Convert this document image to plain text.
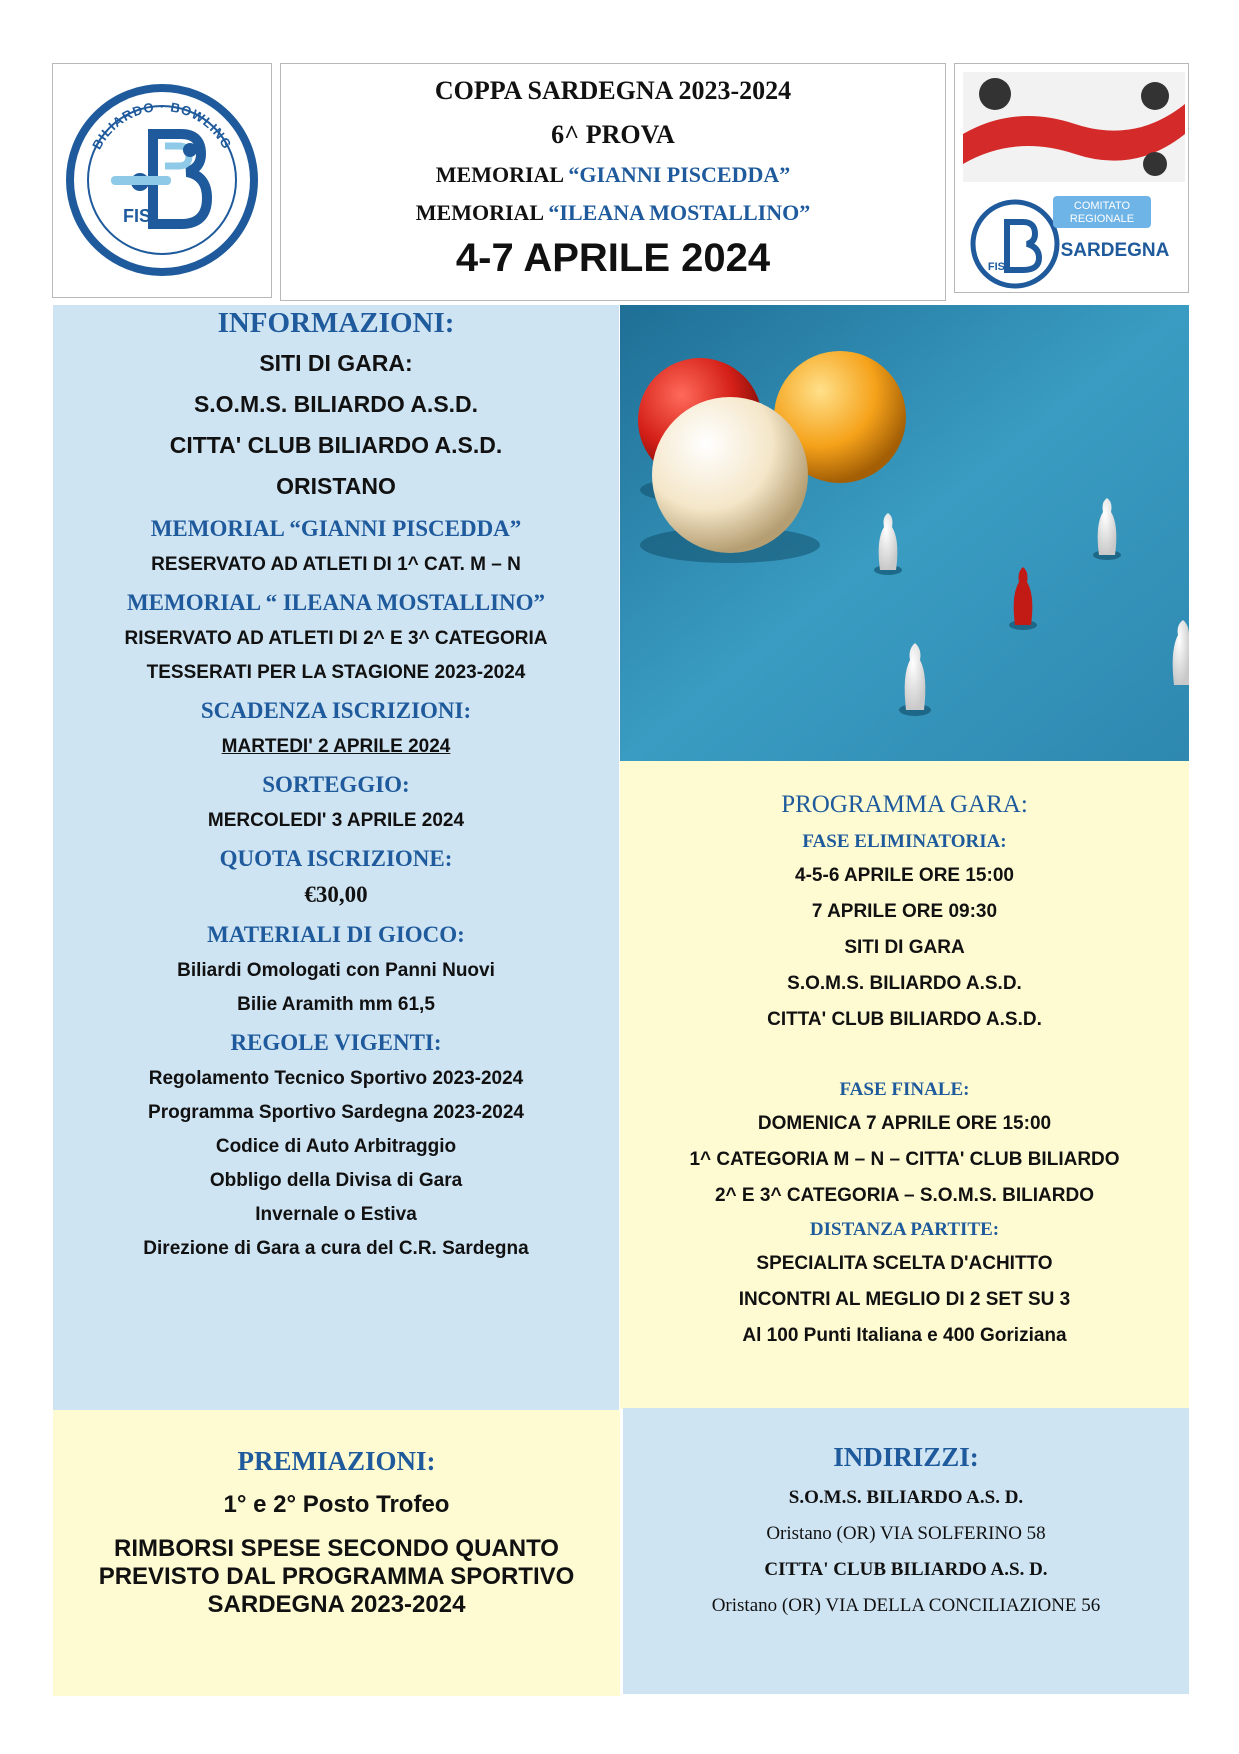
BILIARDO · BOWLING
FIS
COPPA SARDEGNA 2023-2024
6^ PROVA
MEMORIAL “GIANNI PISCEDDA”
MEMORIAL “ILEANA MOSTALLINO”
4-7 APRILE 2024	FIS
COMITATO
REGIONALE
SARDEGNA
INFORMAZIONI:
SITI DI GARA:
S.O.M.S. BILIARDO A.S.D.
CITTA' CLUB BILIARDO A.S.D.
ORISTANO
MEMORIAL “GIANNI PISCEDDA”
RESERVATO AD ATLETI DI 1^ CAT. M – N
MEMORIAL “ ILEANA MOSTALLINO”
RISERVATO AD ATLETI DI 2^ E 3^ CATEGORIA
TESSERATI PER LA STAGIONE 2023-2024
SCADENZA ISCRIZIONI:
MARTEDI' 2 APRILE 2024
SORTEGGIO:
MERCOLEDI' 3 APRILE 2024
QUOTA ISCRIZIONE:
€30,00
MATERIALI DI GIOCO:
Biliardi Omologati con Panni Nuovi
Bilie Aramith mm 61,5
REGOLE VIGENTI:
Regolamento Tecnico Sportivo 2023-2024
Programma Sportivo Sardegna 2023-2024
Codice di Auto Arbitraggio
Obbligo della Divisa di Gara
Invernale o Estiva
Direzione di Gara a cura del C.R. Sardegna
PROGRAMMA GARA:
FASE ELIMINATORIA:
4-5-6 APRILE ORE 15:00
7 APRILE ORE 09:30
SITI DI GARA
S.O.M.S. BILIARDO A.S.D.
CITTA' CLUB BILIARDO A.S.D.
FASE FINALE:
DOMENICA 7 APRILE ORE 15:00
1^ CATEGORIA M – N – CITTA' CLUB BILIARDO
2^ E 3^ CATEGORIA – S.O.M.S. BILIARDO
DISTANZA PARTITE:
SPECIALITA SCELTA D'ACHITTO
INCONTRI AL MEGLIO DI 2 SET SU 3
Al 100 Punti Italiana e 400 Goriziana
PREMIAZIONI:
1° e 2° Posto Trofeo
RIMBORSI SPESE SECONDO QUANTO
PREVISTO DAL PROGRAMMA SPORTIVO
SARDEGNA 2023-2024
INDIRIZZI:
S.O.M.S. BILIARDO A.S. D.
Oristano (OR) VIA SOLFERINO 58
CITTA' CLUB BILIARDO A.S. D.
Oristano (OR) VIA DELLA CONCILIAZIONE 56
